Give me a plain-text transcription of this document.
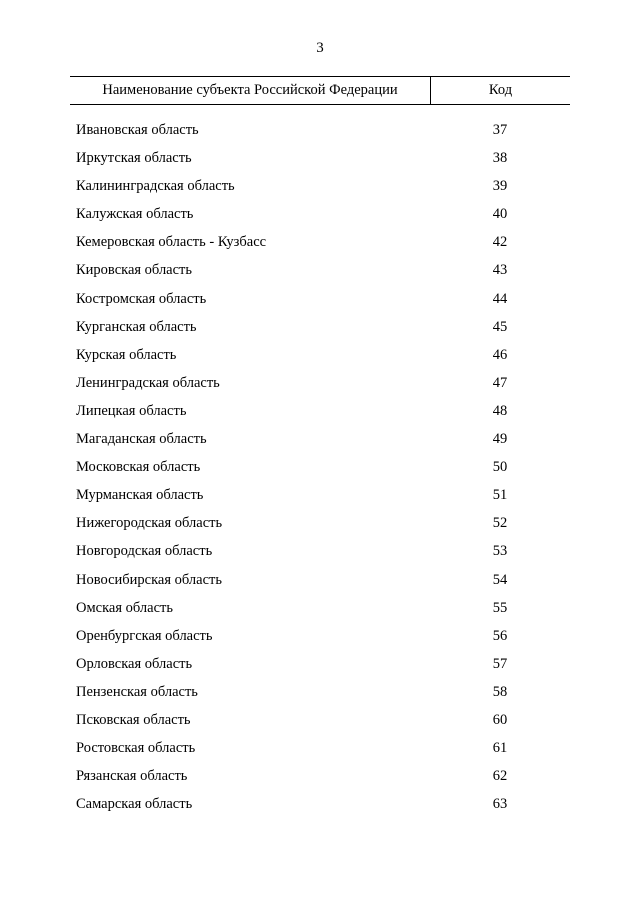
3
Наименование субъекта Российской Федерации	Код
Ивановская область	37
Иркутская область	38
Калининградская область	39
Калужская область	40
Кемеровская область - Кузбасс	42
Кировская область	43
Костромская область	44
Курганская область	45
Курская область	46
Ленинградская область	47
Липецкая область	48
Магаданская область	49
Московская область	50
Мурманская область	51
Нижегородская область	52
Новгородская область	53
Новосибирская область	54
Омская область	55
Оренбургская область	56
Орловская область	57
Пензенская область	58
Псковская область	60
Ростовская область	61
Рязанская область	62
Самарская область	63
